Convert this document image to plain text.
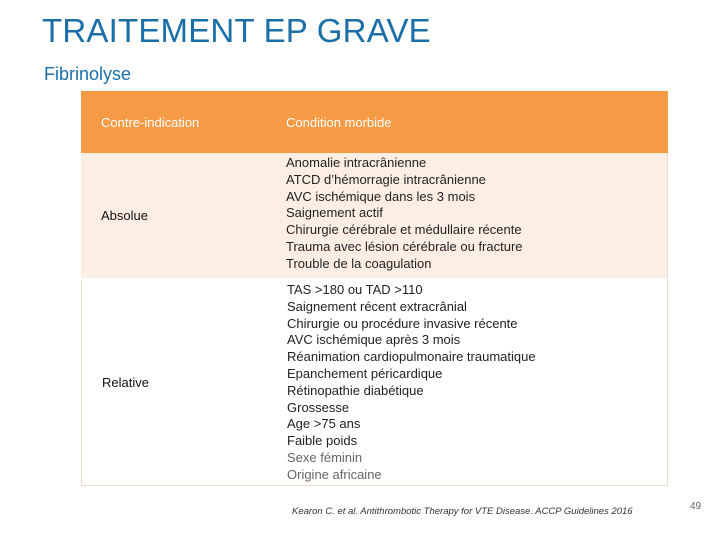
TRAITEMENT EP GRAVE
Fibrinolyse
Contre-indication	Condition morbide
Absolue
Anomalie intracrânienne
ATCD d’hémorragie intracrânienne
AVC ischémique dans les 3 mois
Saignement actif
Chirurgie cérébrale et médullaire récente
Trauma avec lésion cérébrale ou fracture
Trouble de la coagulation
Relative
TAS >180 ou TAD >110
Saignement récent extracrânial
Chirurgie ou procédure invasive récente
AVC ischémique après 3 mois
Réanimation cardiopulmonaire traumatique
Epanchement péricardique
Rétinopathie diabétique
Grossesse
Age >75 ans
Faible poids
Sexe féminin
Origine africaine
Kearon C. et al. Antithrombotic Therapy for VTE Disease. ACCP Guidelines 2016	49
